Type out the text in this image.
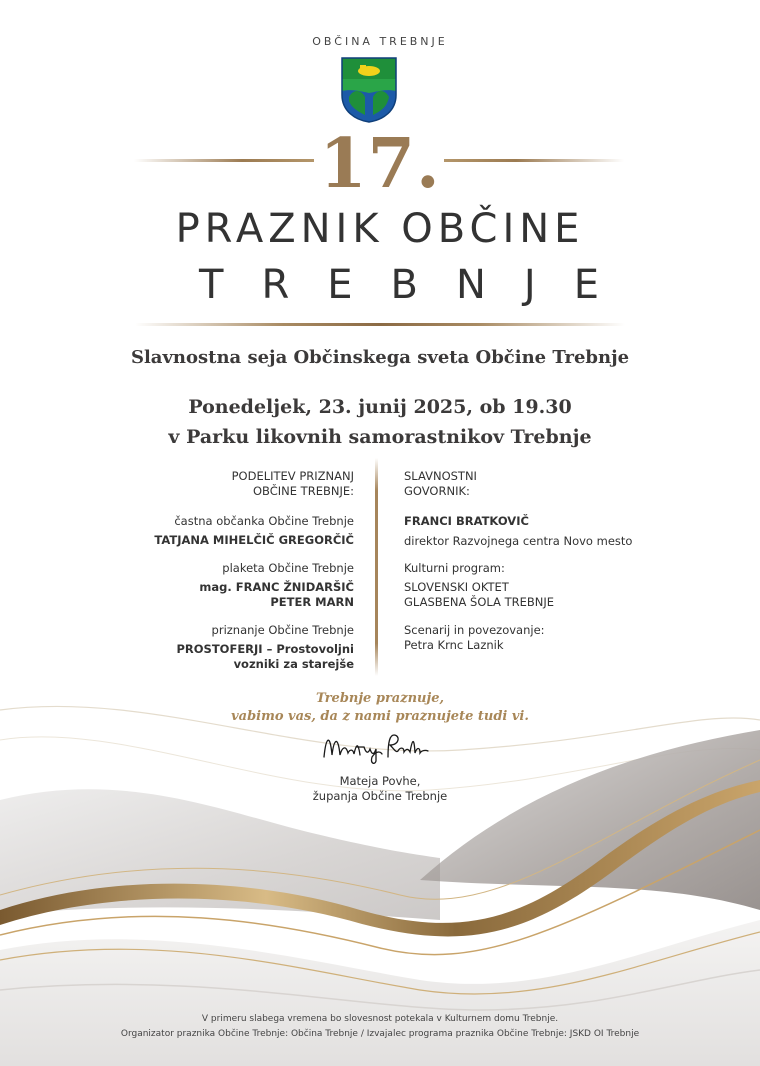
OBČINA TREBNJE
17.
PRAZNIK OBČINE
TREBNJE
Slavnostna seja Občinskega sveta Občine Trebnje
Ponedeljek, 23. junij 2025, ob 19.30
v Parku likovnih samorastnikov Trebnje
PODELITEV PRIZNANJ
OBČINE TREBNJE:
častna občanka Občine Trebnje
TATJANA MIHELČIČ GREGORČIČ
plaketa Občine Trebnje
mag. FRANC ŽNIDARŠIČ
PETER MARN
priznanje Občine Trebnje
PROSTOFERJI – Prostovoljni
vozniki za starejše
SLAVNOSTNI
GOVORNIK:
FRANCI BRATKOVIČ
direktor Razvojnega centra Novo mesto
Kulturni program:
SLOVENSKI OKTET
GLASBENA ŠOLA TREBNJE
Scenarij in povezovanje:
Petra Krnc Laznik
Trebnje praznuje,
vabimo vas, da z nami praznujete tudi vi.
Mateja Povhe,
županja Občine Trebnje
V primeru slabega vremena bo slovesnost potekala v Kulturnem domu Trebnje.
Organizator praznika Občine Trebnje: Občina Trebnje / Izvajalec programa praznika Občine Trebnje: JSKD OI Trebnje
